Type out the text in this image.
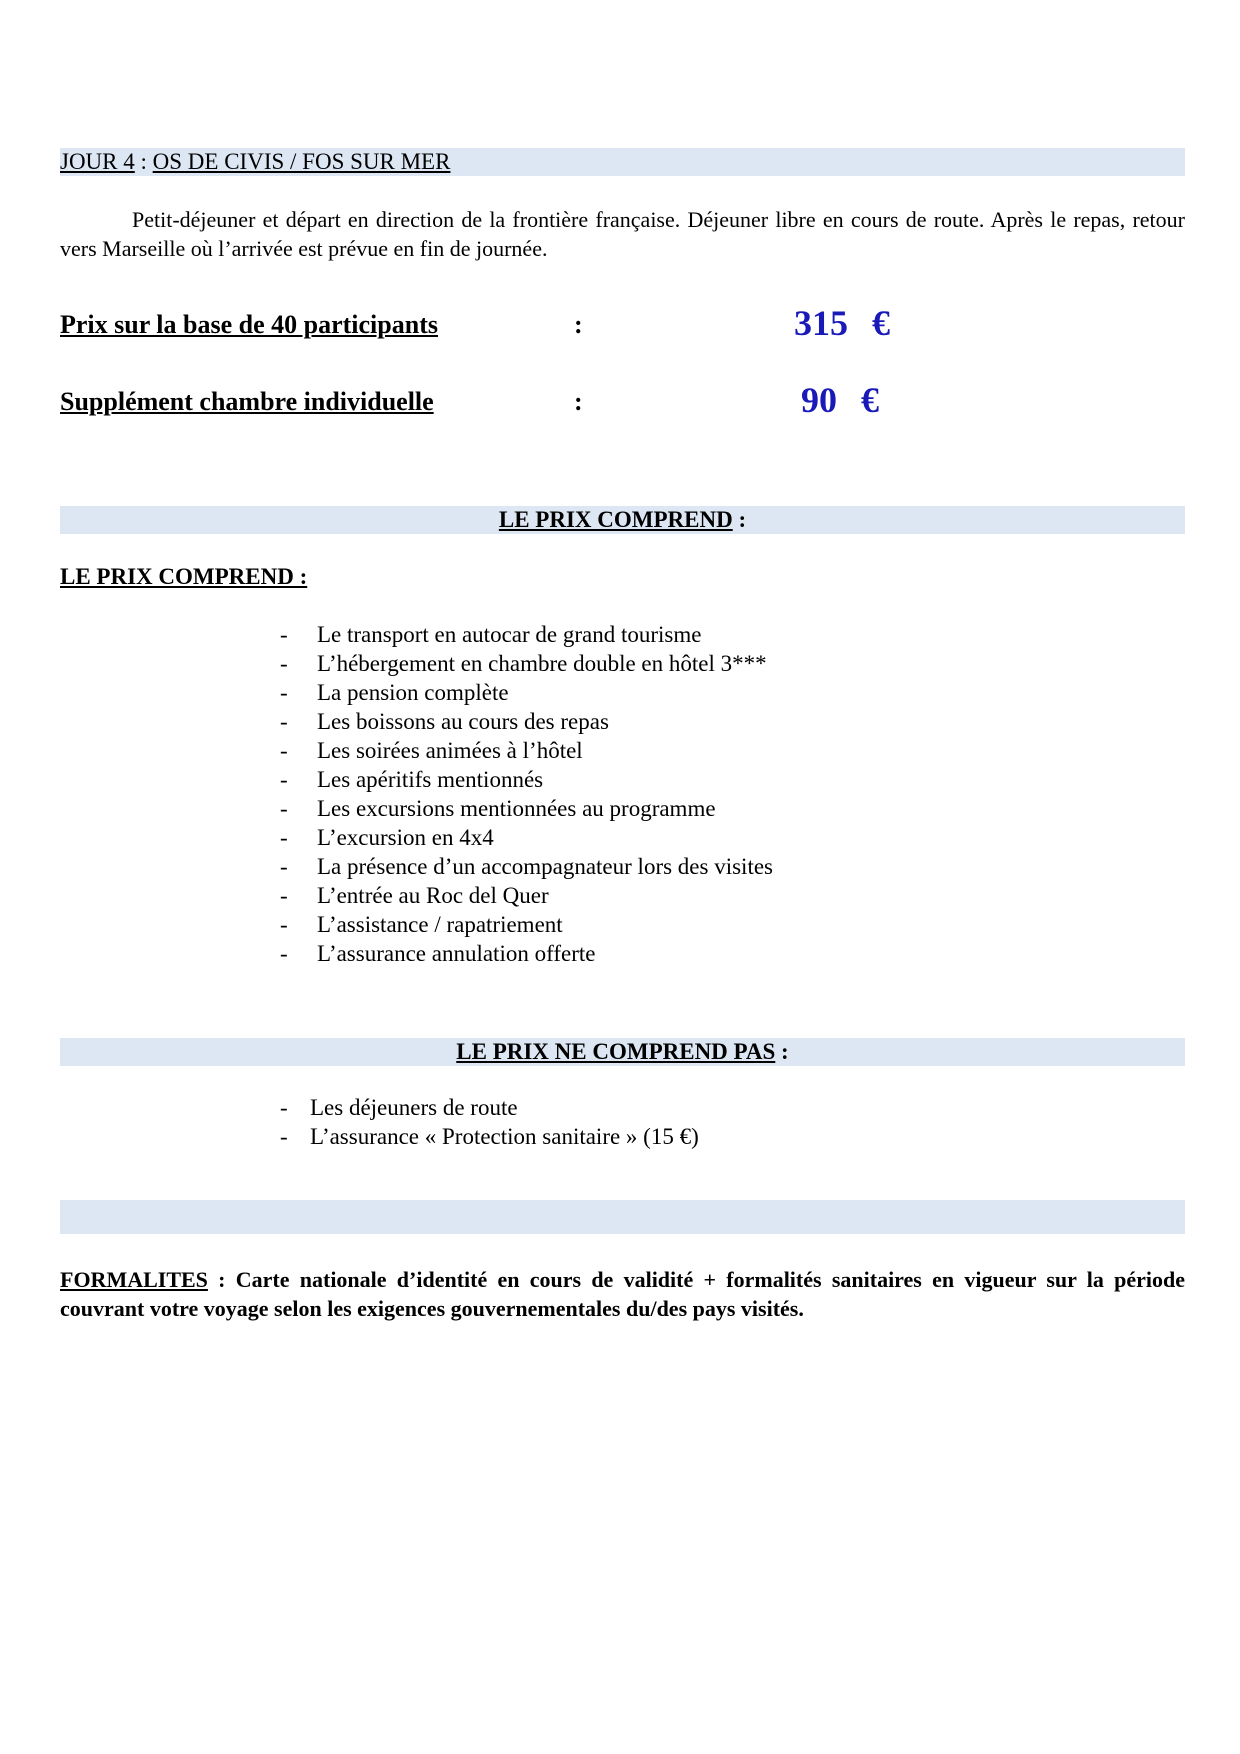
JOUR 4 : OS DE CIVIS / FOS SUR MER

Petit-déjeuner et départ en direction de la frontière française. Déjeuner libre en cours de route. Après le repas, retour vers Marseille où l’arrivée est prévue en fin de journée.

Prix sur la base de 40 participants	:	315 €
Supplément chambre individuelle	:	90 €
LE PRIX COMPREND :
LE PRIX COMPREND :
- Le transport en autocar de grand tourisme
- L’hébergement en chambre double en hôtel 3***
- La pension complète
- Les boissons au cours des repas
- Les soirées animées à l’hôtel
- Les apéritifs mentionnés
- Les excursions mentionnées au programme
- L’excursion en 4x4
- La présence d’un accompagnateur lors des visites
- L’entrée au Roc del Quer
- L’assistance / rapatriement
- L’assurance annulation offerte
LE PRIX NE COMPREND PAS :
- Les déjeuners de route
- L’assurance « Protection sanitaire » (15 €)

FORMALITES : Carte nationale d’identité en cours de validité + formalités sanitaires en vigueur sur la période couvrant votre voyage selon les exigences gouvernementales du/des pays visités.
